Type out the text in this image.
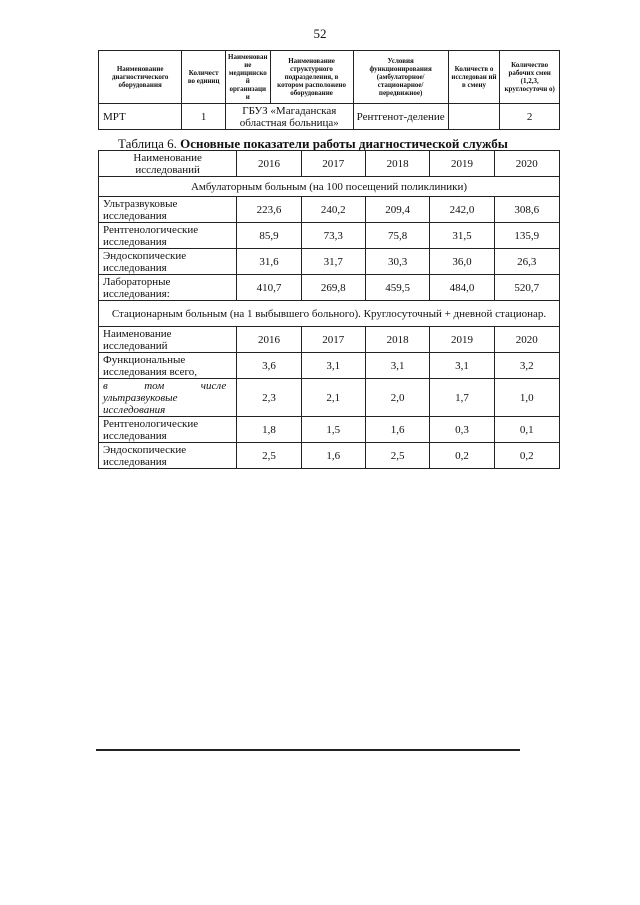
52
Наименование диагностического оборудования	Количест во единиц	Наименован ие медицинско й организаци и	Наименование структурного подразделения, в котором расположено оборудование	Условия функционирования (амбулаторное/ стационарное/ передвижное)	Количеств о исследован ий в смену	Количество рабочих смен (1,2,3, круглосуточн о)
МРТ	1	ГБУЗ «Магаданская областная больница»		Рентгенот-деление		2
Таблица 6. Основные показатели работы диагностической службы
Наименование исследований	2016	2017	2018	2019	2020
Амбулаторным больным (на 100 посещений поликлиники)					
Ультразвуковые исследования	223,6	240,2	209,4	242,0	308,6
Рентгенологические исследования	85,9	73,3	75,8	31,5	135,9
Эндоскопические исследования	31,6	31,7	30,3	36,0	26,3
Лабораторные исследования:	410,7	269,8	459,5	484,0	520,7
Стационарным больным (на 1 выбывшего больного). Круглосуточный + дневной стационар.					
Наименование исследований	2016	2017	2018	2019	2020
Функциональные исследования всего,	3,6	3,1	3,1	3,1	3,2

в том числе
ультразвуковые исследования	2,3	2,1	2,0	1,7	1,0
Рентгенологические исследования	1,8	1,5	1,6	0,3	0,1
Эндоскопические исследования	2,5	1,6	2,5	0,2	0,2
